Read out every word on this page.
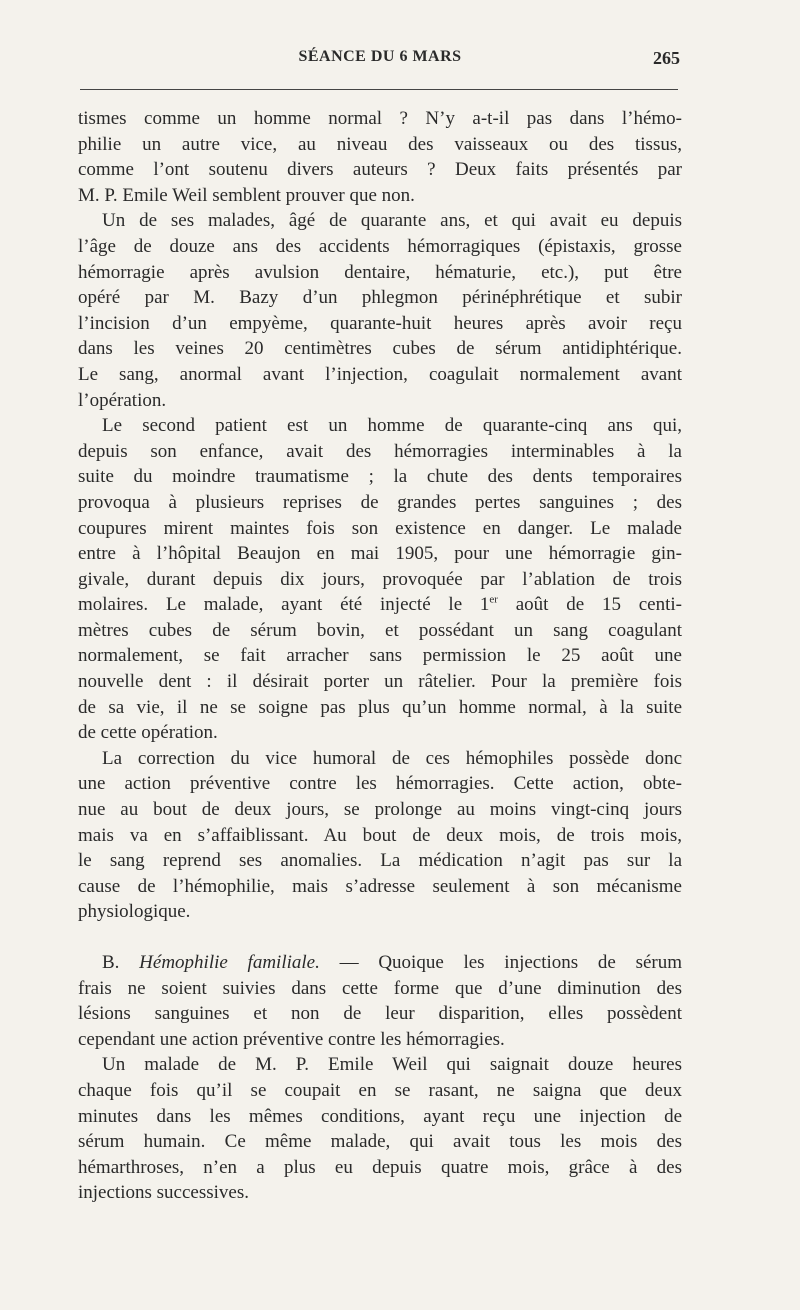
SÉANCE DU 6 MARS	265

tismes comme un homme normal ? N’y a-t-il pas dans l’hémo-
philie un autre vice, au niveau des vaisseaux ou des tissus,
comme l’ont soutenu divers auteurs ? Deux faits présentés par
M. P. Emile Weil semblent prouver que non.

Un de ses malades, âgé de quarante ans, et qui avait eu depuis
l’âge de douze ans des accidents hémorragiques (épistaxis, grosse
hémorragie après avulsion dentaire, hématurie, etc.), put être
opéré par M. Bazy d’un phlegmon périnéphrétique et subir
l’incision d’un empyème, quarante-huit heures après avoir reçu
dans les veines 20 centimètres cubes de sérum antidiphtérique.
Le sang, anormal avant l’injection, coagulait normalement avant
l’opération.

Le second patient est un homme de quarante-cinq ans qui,
depuis son enfance, avait des hémorragies interminables à la
suite du moindre traumatisme ; la chute des dents temporaires
provoqua à plusieurs reprises de grandes pertes sanguines ; des
coupures mirent maintes fois son existence en danger. Le malade
entre à l’hôpital Beaujon en mai 1905, pour une hémorragie gin-
givale, durant depuis dix jours, provoquée par l’ablation de trois
molaires. Le malade, ayant été injecté le 1er août de 15 centi-
mètres cubes de sérum bovin, et possédant un sang coagulant
normalement, se fait arracher sans permission le 25 août une
nouvelle dent : il désirait porter un râtelier. Pour la première fois
de sa vie, il ne se soigne pas plus qu’un homme normal, à la suite
de cette opération.

La correction du vice humoral de ces hémophiles possède donc
une action préventive contre les hémorragies. Cette action, obte-
nue au bout de deux jours, se prolonge au moins vingt-cinq jours
mais va en s’affaiblissant. Au bout de deux mois, de trois mois,
le sang reprend ses anomalies. La médication n’agit pas sur la
cause de l’hémophilie, mais s’adresse seulement à son mécanisme
physiologique.

B. Hémophilie familiale. — Quoique les injections de sérum
frais ne soient suivies dans cette forme que d’une diminution des
lésions sanguines et non de leur disparition, elles possèdent
cependant une action préventive contre les hémorragies.

Un malade de M. P. Emile Weil qui saignait douze heures
chaque fois qu’il se coupait en se rasant, ne saigna que deux
minutes dans les mêmes conditions, ayant reçu une injection de
sérum humain. Ce même malade, qui avait tous les mois des
hémarthroses, n’en a plus eu depuis quatre mois, grâce à des
injections successives.
